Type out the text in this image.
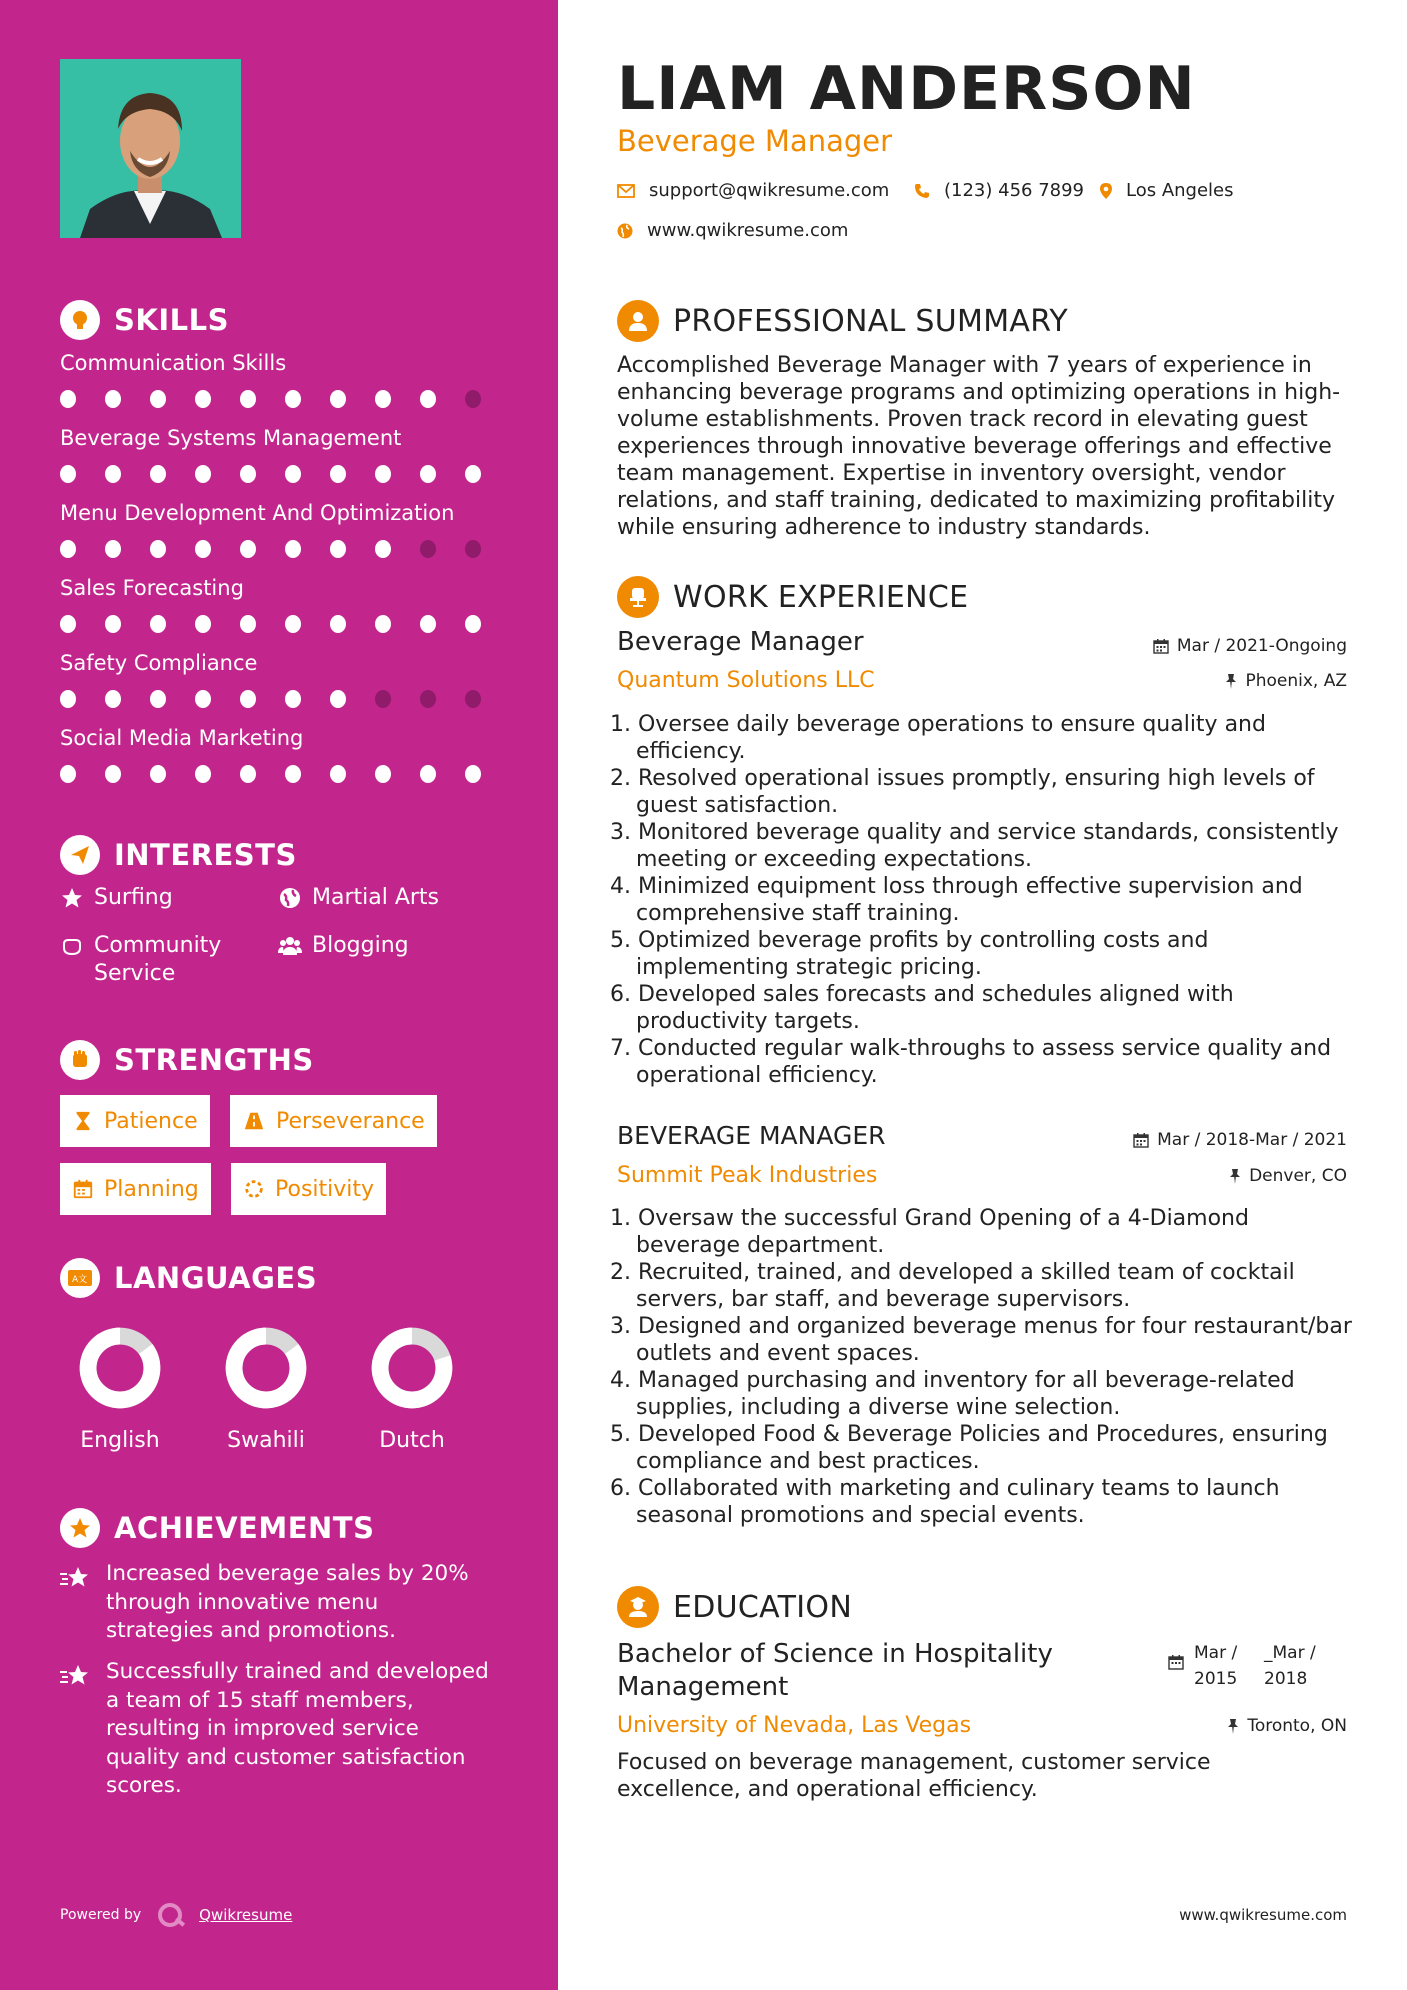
SKILLS
Communication Skills
Beverage Systems Management
Menu Development And Optimization
Sales Forecasting
Safety Compliance
Social Media Marketing
INTERESTS
Surfing	Martial Arts
Community Service
Blogging
STRENGTHS
Patience	Perseverance
Planning	Positivity
A文 LANGUAGES
English	Swahili	Dutch
ACHIEVEMENTS
Increased beverage sales by 20% through innovative menu strategies and promotions.
Successfully trained and developed a team of 15 staff members, resulting in improved service quality and customer satisfaction scores.
Powered by	Qwikresume
LIAM ANDERSON
Beverage Manager
support@qwikresume.com	(123) 456 7899 Los Angeles
www.qwikresume.com
PROFESSIONAL SUMMARY
Accomplished Beverage Manager with 7 years of experience in enhancing beverage programs and optimizing operations in high-volume establishments. Proven track record in elevating guest experiences through innovative beverage offerings and effective team management. Expertise in inventory oversight, vendor relations, and staff training, dedicated to maximizing profitability while ensuring adherence to industry standards.
WORK EXPERIENCE
Beverage Manager	Mar / 2021-Ongoing
Quantum Solutions LLC	Phoenix, AZ
1. Oversee daily beverage operations to ensure quality and efficiency.
2. Resolved operational issues promptly, ensuring high levels of guest satisfaction.
3. Monitored beverage quality and service standards, consistently meeting or exceeding expectations.
4. Minimized equipment loss through effective supervision and comprehensive staff training.
5. Optimized beverage profits by controlling costs and implementing strategic pricing.
6. Developed sales forecasts and schedules aligned with productivity targets.
7. Conducted regular walk-throughs to assess service quality and operational efficiency.
BEVERAGE MANAGER	Mar / 2018-Mar / 2021
Summit Peak Industries	Denver, CO
1. Oversaw the successful Grand Opening of a 4-Diamond beverage department.
2. Recruited, trained, and developed a skilled team of cocktail servers, bar staff, and beverage supervisors.
3. Designed and organized beverage menus for four restaurant/bar outlets and event spaces.
4. Managed purchasing and inventory for all beverage-related supplies, including a diverse wine selection.
5. Developed Food & Beverage Policies and Procedures, ensuring compliance and best practices.
6. Collaborated with marketing and culinary teams to launch seasonal promotions and special events.
EDUCATION
Bachelor of Science in Hospitality Management
Mar / 2015
_Mar / 2018
University of Nevada, Las Vegas	Toronto, ON
Focused on beverage management, customer service excellence, and operational efficiency.
www.qwikresume.com
